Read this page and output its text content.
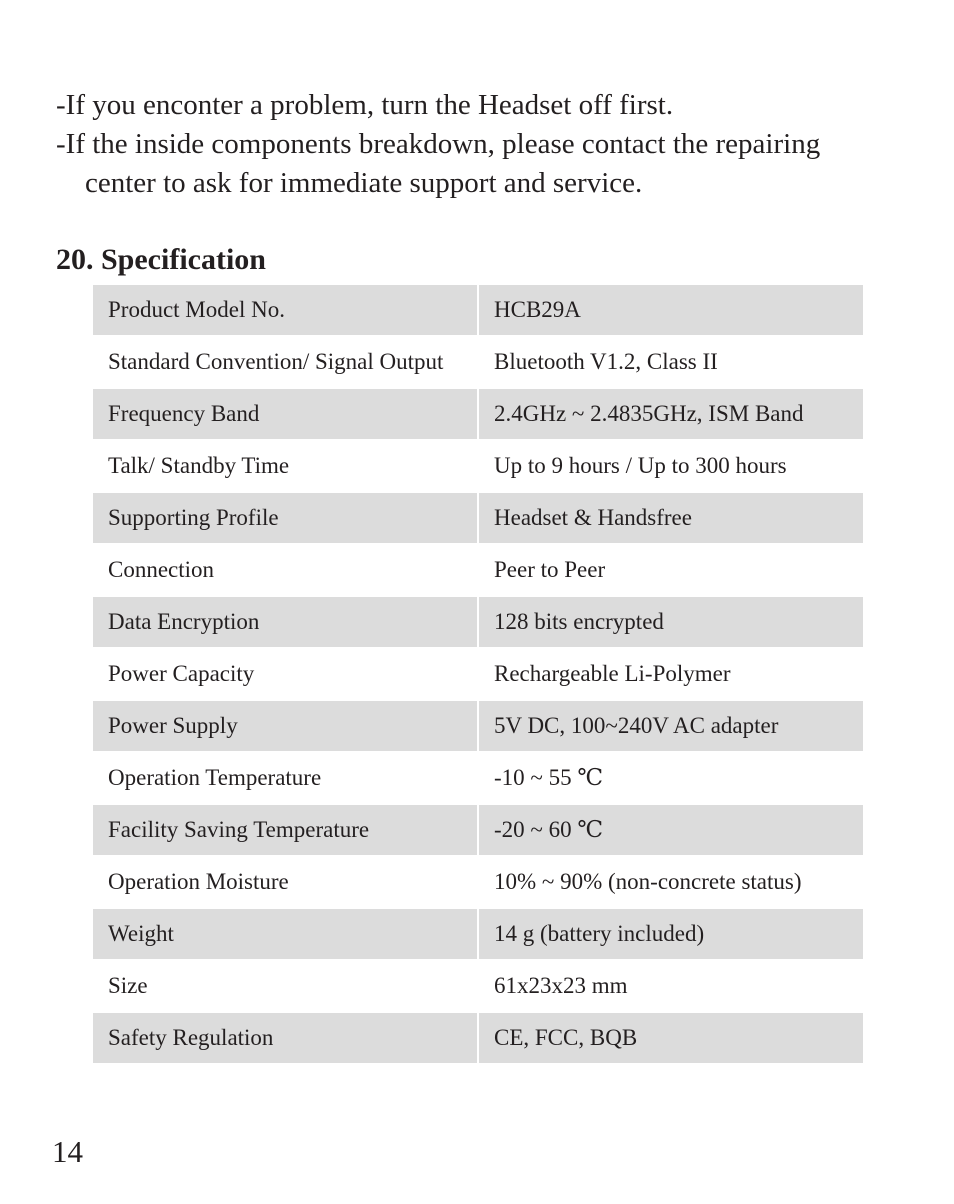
-If you enconter a problem, turn the Headset off first.
-If the inside components breakdown, please contact the repairing
center to ask for immediate support and service.
20. Specification
Product Model No.	HCB29A
Standard Convention/ Signal Output	Bluetooth V1.2, Class II
Frequency Band	2.4GHz ~ 2.4835GHz, ISM Band
Talk/ Standby Time	Up to 9 hours / Up to 300 hours
Supporting Profile	Headset & Handsfree
Connection	Peer to Peer
Data Encryption	128 bits encrypted
Power Capacity	Rechargeable Li-Polymer
Power Supply	5V DC, 100~240V AC adapter
Operation Temperature	-10 ~ 55 ℃
Facility Saving Temperature	-20 ~ 60 ℃
Operation Moisture	10% ~ 90% (non-concrete status)
Weight	14 g (battery included)
Size	61x23x23 mm
Safety Regulation	CE, FCC, BQB
14
